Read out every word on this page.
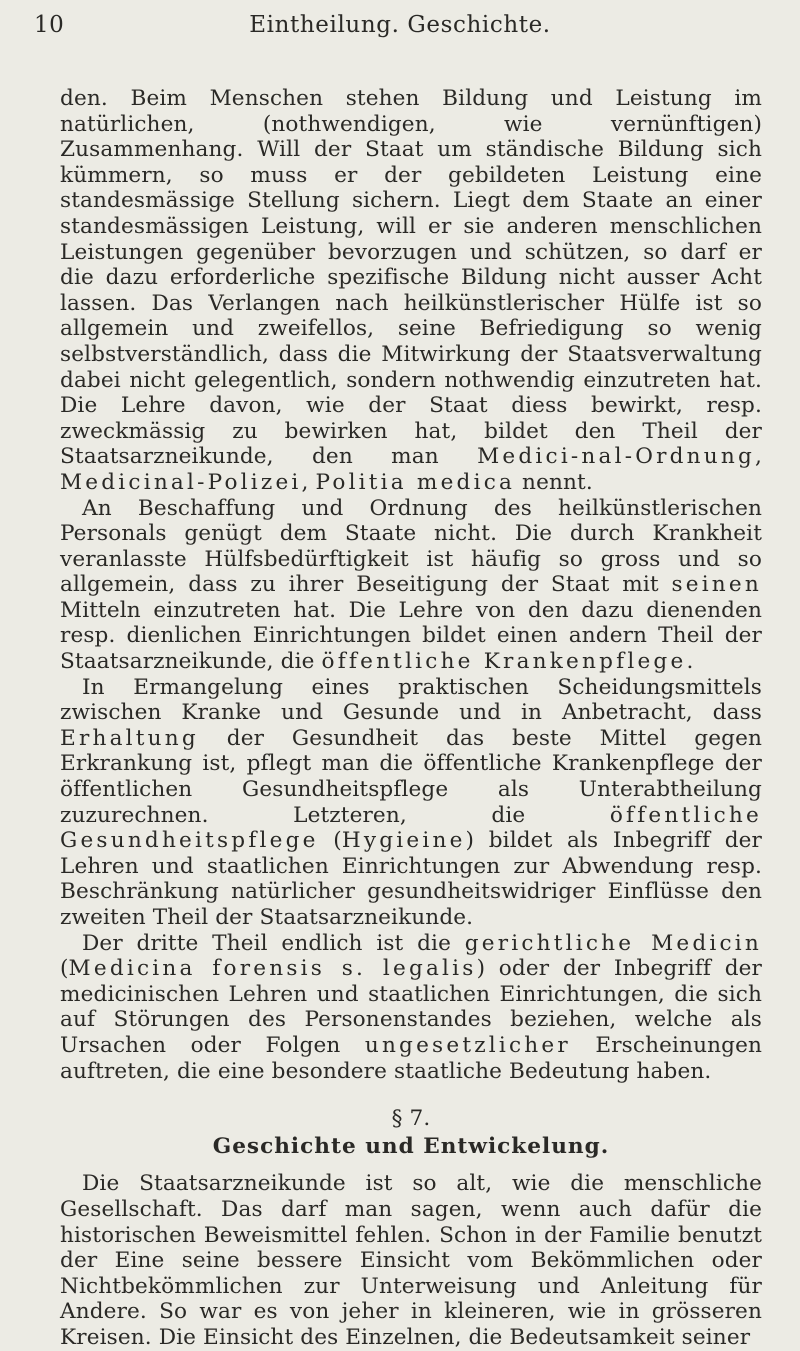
10	Eintheilung. Geschichte.

den. Beim Menschen stehen Bildung und Leistung im natürlichen, (nothwendigen, wie vernünftigen) Zusammenhang. Will der Staat um ständische Bildung sich kümmern, so muss er der gebildeten Leistung eine standesmässige Stellung sichern. Liegt dem Staate an einer standesmässigen Leistung, will er sie anderen menschlichen Leistungen gegenüber bevorzugen und schützen, so darf er die dazu erforderliche spezifische Bildung nicht ausser Acht lassen. Das Verlangen nach heilkünstlerischer Hülfe ist so allgemein und zweifellos, seine Befriedigung so wenig selbstverständlich, dass die Mitwirkung der Staatsverwaltung dabei nicht gelegentlich, sondern nothwendig einzutreten hat. Die Lehre davon, wie der Staat diess bewirkt, resp. zweckmässig zu bewirken hat, bildet den Theil der Staatsarzneikunde, den man Medici-nal-Ordnung, Medicinal-Polizei, Politia medica nennt.

An Beschaffung und Ordnung des heilkünstlerischen Personals genügt dem Staate nicht. Die durch Krankheit veranlasste Hülfsbedürftigkeit ist häufig so gross und so allgemein, dass zu ihrer Beseitigung der Staat mit seinen Mitteln einzutreten hat. Die Lehre von den dazu dienenden resp. dienlichen Einrichtungen bildet einen andern Theil der Staatsarzneikunde, die öffentliche Krankenpflege.

In Ermangelung eines praktischen Scheidungsmittels zwischen Kranke und Gesunde und in Anbetracht, dass Erhaltung der Gesundheit das beste Mittel gegen Erkrankung ist, pflegt man die öffentliche Krankenpflege der öffentlichen Gesundheitspflege als Unterabtheilung zuzurechnen. Letzteren, die öffentliche Gesundheitspflege (Hygieine) bildet als Inbegriff der Lehren und staatlichen Einrichtungen zur Abwendung resp. Beschränkung natürlicher gesundheitswidriger Einflüsse den zweiten Theil der Staatsarzneikunde.

Der dritte Theil endlich ist die gerichtliche Medicin (Medicina forensis s. legalis) oder der Inbegriff der medicinischen Lehren und staatlichen Einrichtungen, die sich auf Störungen des Personenstandes beziehen, welche als Ursachen oder Folgen ungesetzlicher Erscheinungen auftreten, die eine besondere staatliche Bedeutung haben.

§ 7.
Geschichte und Entwickelung.

Die Staatsarzneikunde ist so alt, wie die menschliche Gesellschaft. Das darf man sagen, wenn auch dafür die historischen Beweismittel fehlen. Schon in der Familie benutzt der Eine seine bessere Einsicht vom Bekömmlichen oder Nichtbekömmlichen zur Unterweisung und Anleitung für Andere. So war es von jeher in kleineren, wie in grösseren Kreisen. Die Einsicht des Einzelnen, die Bedeutsamkeit seiner
